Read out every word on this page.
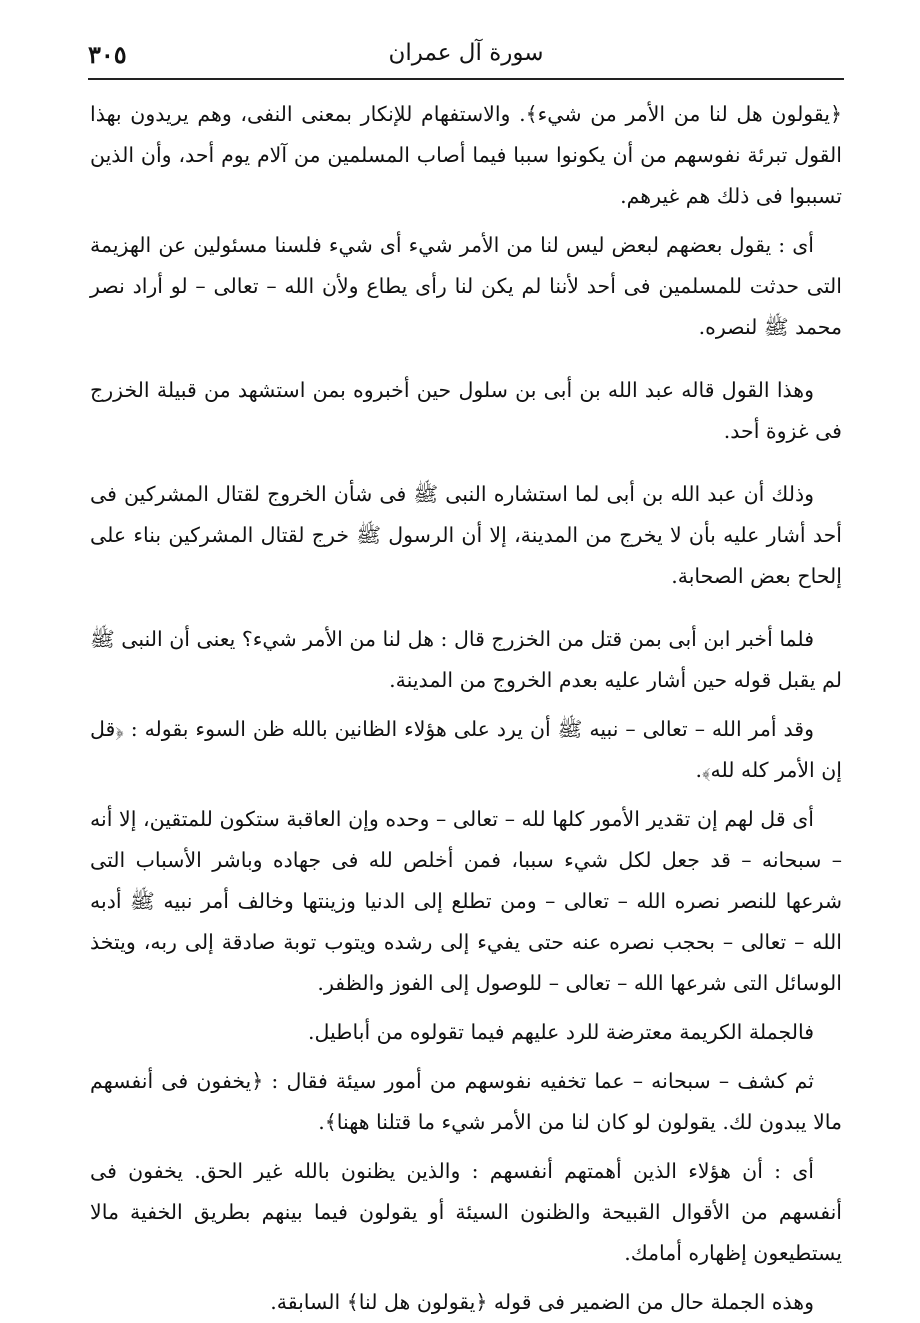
سورة آل عمران
٣٠٥

﴿يقولون هل لنا من الأمر من شيء﴾. والاستفهام للإنكار بمعنى النفى، وهم يريدون بهذا القول تبرئة نفوسهم من أن يكونوا سببا فيما أصاب المسلمين من آلام يوم أحد، وأن الذين تسببوا فى ذلك هم غيرهم.

أى : يقول بعضهم لبعض ليس لنا من الأمر شيء أى شيء فلسنا مسئولين عن الهزيمة التى حدثت للمسلمين فى أحد لأننا لم يكن لنا رأى يطاع ولأن الله – تعالى – لو أراد نصر محمد ﷺ لنصره.

وهذا القول قاله عبد الله بن أبى بن سلول حين أخبروه بمن استشهد من قبيلة الخزرج فى غزوة أحد.

وذلك أن عبد الله بن أبى لما استشاره النبى ﷺ فى شأن الخروج لقتال المشركين فى أحد أشار عليه بأن لا يخرج من المدينة، إلا أن الرسول ﷺ خرج لقتال المشركين بناء على إلحاح بعض الصحابة.

فلما أخبر ابن أبى بمن قتل من الخزرج قال : هل لنا من الأمر شيء؟ يعنى أن النبى ﷺ لم يقبل قوله حين أشار عليه بعدم الخروج من المدينة.

وقد أمر الله – تعالى – نبيه ﷺ أن يرد على هؤلاء الظانين بالله ظن السوء بقوله : ﴿قل إن الأمر كله لله﴾.

أى قل لهم إن تقدير الأمور كلها لله – تعالى – وحده وإن العاقبة ستكون للمتقين، إلا أنه – سبحانه – قد جعل لكل شيء سببا، فمن أخلص لله فى جهاده وباشر الأسباب التى شرعها للنصر نصره الله – تعالى – ومن تطلع إلى الدنيا وزينتها وخالف أمر نبيه ﷺ أدبه الله – تعالى – بحجب نصره عنه حتى يفيء إلى رشده ويتوب توبة صادقة إلى ربه، ويتخذ الوسائل التى شرعها الله – تعالى – للوصول إلى الفوز والظفر.

فالجملة الكريمة معترضة للرد عليهم فيما تقولوه من أباطيل.

ثم كشف – سبحانه – عما تخفيه نفوسهم من أمور سيئة فقال : ﴿يخفون فى أنفسهم مالا يبدون لك. يقولون لو كان لنا من الأمر شيء ما قتلنا ههنا﴾.

أى : أن هؤلاء الذين أهمتهم أنفسهم : والذين يظنون بالله غير الحق. يخفون فى أنفسهم من الأقوال القبيحة والظنون السيئة أو يقولون فيما بينهم بطريق الخفية مالا يستطيعون إظهاره أمامك.

وهذه الجملة حال من الضمير فى قوله ﴿يقولون هل لنا﴾ السابقة.
